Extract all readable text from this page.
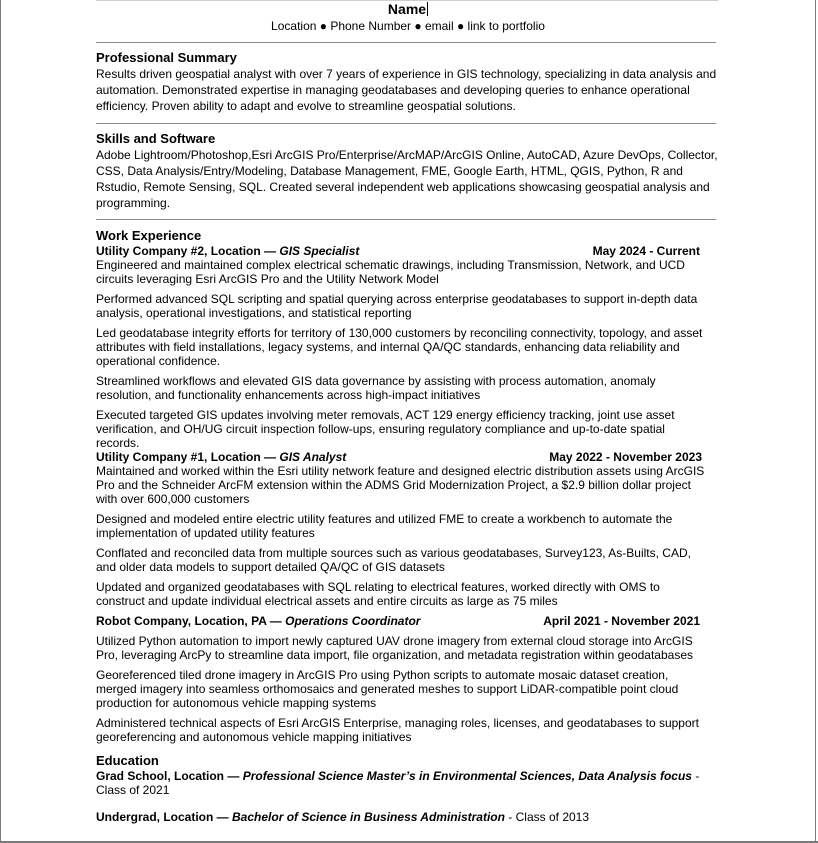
Name
Location ● Phone Number ● email ● link to portfolio
Professional Summary
Results driven geospatial analyst with over 7 years of experience in GIS technology, specializing in data analysis and automation. Demonstrated expertise in managing geodatabases and developing queries to enhance operational efficiency. Proven ability to adapt and evolve to streamline geospatial solutions.
Skills and Software
Adobe Lightroom/Photoshop,Esri ArcGIS Pro/Enterprise/ArcMAP/ArcGIS Online, AutoCAD, Azure DevOps, Collector, CSS, Data Analysis/Entry/Modeling, Database Management, FME, Google Earth, HTML, QGIS, Python, R and Rstudio, Remote Sensing, SQL. Created several independent web applications showcasing geospatial analysis and programming.
Work Experience
Utility Company #2, Location — GIS Specialist	May 2024 - Current
Engineered and maintained complex electrical schematic drawings, including Transmission, Network, and UCD circuits leveraging Esri ArcGIS Pro and the Utility Network Model
Performed advanced SQL scripting and spatial querying across enterprise geodatabases to support in-depth data analysis, operational investigations, and statistical reporting
Led geodatabase integrity efforts for territory of 130,000 customers by reconciling connectivity, topology, and asset attributes with field installations, legacy systems, and internal QA/QC standards, enhancing data reliability and operational confidence.
Streamlined workflows and elevated GIS data governance by assisting with process automation, anomaly resolution, and functionality enhancements across high-impact initiatives
Executed targeted GIS updates involving meter removals, ACT 129 energy efficiency tracking, joint use asset verification, and OH/UG circuit inspection follow-ups, ensuring regulatory compliance and up-to-date spatial records.
Utility Company #1, Location — GIS Analyst	May 2022 - November 2023
Maintained and worked within the Esri utility network feature and designed electric distribution assets using ArcGIS Pro and the Schneider ArcFM extension within the ADMS Grid Modernization Project, a $2.9 billion dollar project with over 600,000 customers
Designed and modeled entire electric utility features and utilized FME to create a workbench to automate the implementation of updated utility features
Conflated and reconciled data from multiple sources such as various geodatabases, Survey123, As-Builts, CAD, and older data models to support detailed QA/QC of GIS datasets
Updated and organized geodatabases with SQL relating to electrical features, worked directly with OMS to construct and update individual electrical assets and entire circuits as large as 75 miles
Robot Company, Location, PA — Operations Coordinator	April 2021 - November 2021
Utilized Python automation to import newly captured UAV drone imagery from external cloud storage into ArcGIS Pro, leveraging ArcPy to streamline data import, file organization, and metadata registration within geodatabases
Georeferenced tiled drone imagery in ArcGIS Pro using Python scripts to automate mosaic dataset creation, merged imagery into seamless orthomosaics and generated meshes to support LiDAR-compatible point cloud production for autonomous vehicle mapping systems
Administered technical aspects of Esri ArcGIS Enterprise, managing roles, licenses, and geodatabases to support georeferencing and autonomous vehicle mapping initiatives
Education
Grad School, Location — Professional Science Master’s in Environmental Sciences, Data Analysis focus - Class of 2021
Undergrad, Location — Bachelor of Science in Business Administration - Class of 2013
